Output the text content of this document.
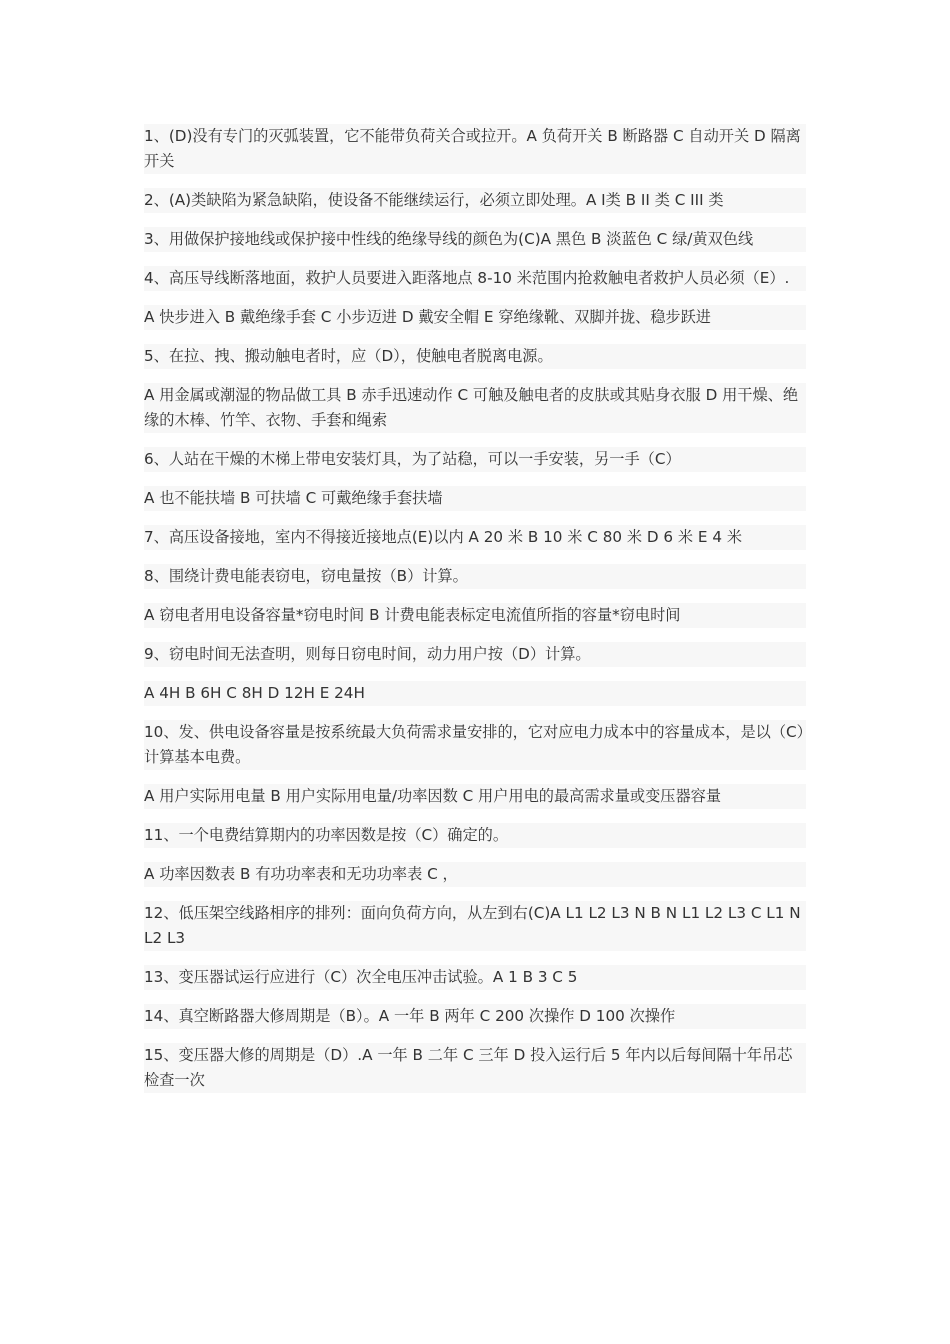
1、(D)没有专门的灭弧装置，它不能带负荷关合或拉开。A 负荷开关 B 断路器 C 自动开关 D 隔离开关

2、(A)类缺陷为紧急缺陷，使设备不能继续运行，必须立即处理。A I类 B II 类 C III 类

3、用做保护接地线或保护接中性线的绝缘导线的颜色为(C)A 黑色 B 淡蓝色 C 绿/黄双色线

4、高压导线断落地面，救护人员要进入距落地点 8-10 米范围内抢救触电者救护人员必须（E）.

A 快步进入 B 戴绝缘手套 C 小步迈进 D 戴安全帽 E 穿绝缘靴、双脚并拢、稳步跃进

5、在拉、拽、搬动触电者时，应（D），使触电者脱离电源。

A 用金属或潮湿的物品做工具 B 赤手迅速动作 C 可触及触电者的皮肤或其贴身衣服 D 用干燥、绝缘的木棒、竹竿、衣物、手套和绳索

6、人站在干燥的木梯上带电安装灯具，为了站稳，可以一手安装，另一手（C）

A 也不能扶墙 B 可扶墙 C 可戴绝缘手套扶墙

7、高压设备接地，室内不得接近接地点(E)以内 A 20 米 B 10 米 C 80 米 D 6 米 E 4 米

8、围绕计费电能表窃电，窃电量按（B）计算。

A 窃电者用电设备容量*窃电时间 B 计费电能表标定电流值所指的容量*窃电时间

9、窃电时间无法查明，则每日窃电时间，动力用户按（D）计算。

A 4H B 6H C 8H D 12H E 24H

10、发、供电设备容量是按系统最大负荷需求量安排的，它对应电力成本中的容量成本，是以（C）计算基本电费。

A 用户实际用电量 B 用户实际用电量/功率因数 C 用户用电的最高需求量或变压器容量

11、一个电费结算期内的功率因数是按（C）确定的。

A 功率因数表 B 有功功率表和无功功率表 C ，

12、低压架空线路相序的排列：面向负荷方向，从左到右(C)A L1 L2 L3 N B N L1 L2 L3 C L1 N L2 L3

13、变压器试运行应进行（C）次全电压冲击试验。A 1 B 3 C 5

14、真空断路器大修周期是（B）。A 一年 B 两年 C 200 次操作 D 100 次操作

15、变压器大修的周期是（D）.A 一年 B 二年 C 三年 D 投入运行后 5 年内以后每间隔十年吊芯检查一次
